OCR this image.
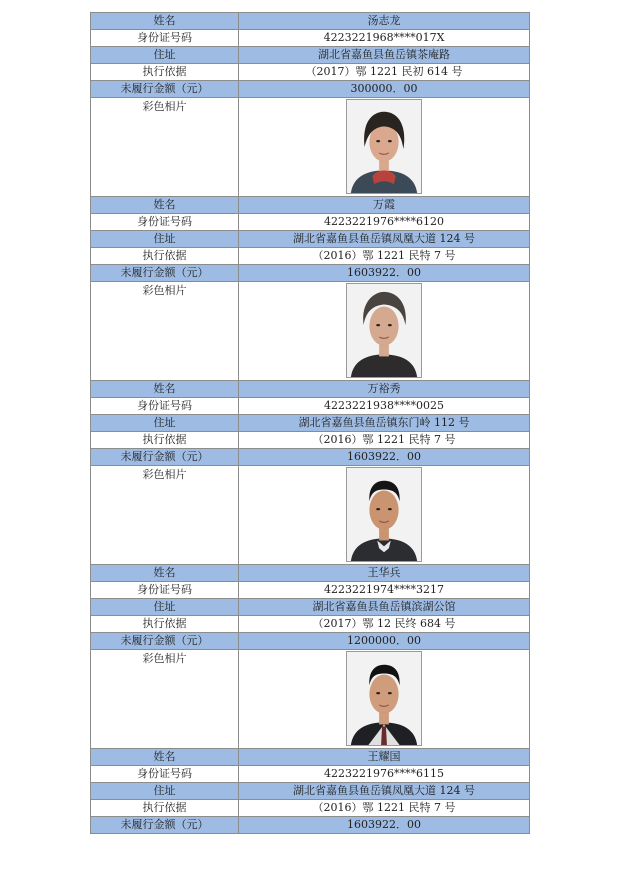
姓名	汤志龙
身份证号码	4223221968****017X
住址	湖北省嘉鱼县鱼岳镇茶庵路
执行依据	（2017）鄂 1221 民初 614 号
未履行金额（元）	300000．00
彩色相片	

姓名	万霞
身份证号码	4223221976****6120
住址	湖北省嘉鱼县鱼岳镇凤凰大道 124 号
执行依据	（2016）鄂 1221 民特 7 号
未履行金额（元）	1603922．00
彩色相片	

姓名	万裕秀
身份证号码	4223221938****0025
住址	湖北省嘉鱼县鱼岳镇东门岭 112 号
执行依据	（2016）鄂 1221 民特 7 号
未履行金额（元）	1603922．00
彩色相片	

姓名	王华兵
身份证号码	4223221974****3217
住址	湖北省嘉鱼县鱼岳镇滨湖公馆
执行依据	（2017）鄂 12 民终 684 号
未履行金额（元）	1200000．00
彩色相片	

姓名	王耀国
身份证号码	4223221976****6115
住址	湖北省嘉鱼县鱼岳镇凤凰大道 124 号
执行依据	（2016）鄂 1221 民特 7 号
未履行金额（元）	1603922．00
